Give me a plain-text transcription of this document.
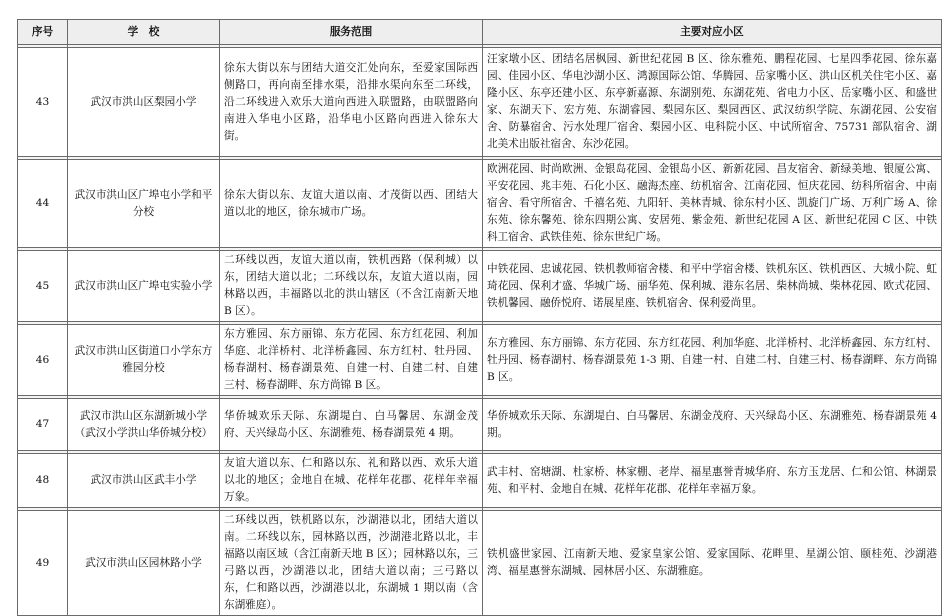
序号	学　校	服务范围	主要对应小区

43	武汉市洪山区梨园小学	徐东大街以东与团结大道交汇处向东，至爱家国际西侧路口，再向南至排水渠，沿排水渠向东至二环线，沿二环线进入欢乐大道向西进入联盟路，由联盟路向南进入华电小区路，沿华电小区路向西进入徐东大街。	汪家墩小区、团结名居枫园、新世纪花园 B 区、徐东雅苑、鹏程花园、七星四季花园、徐东嘉园、佳园小区、华电沙湖小区、鸿源国际公馆、华腾园、岳家嘴小区、洪山区机关住宅小区、嘉隆小区、东亭还建小区、东亭新嘉源、东湖别苑、东湖花苑、省电力小区、岳家嘴小区、和盛世家、东湖天下、宏方苑、东湖睿园、梨园东区、梨园西区、武汉纺织学院、东湖花园、公安宿舍、防暴宿舍、污水处理厂宿舍、梨园小区、电科院小区、中试所宿舍、75731 部队宿舍、湖北美术出版社宿舍、东沙花园。

44	武汉市洪山区广埠屯小学和平分校	徐东大街以东、友谊大道以南、才茂街以西、团结大道以北的地区，徐东城市广场。	欧洲花园、时尚欧洲、金银岛花园、金银岛小区、新新花园、昌友宿舍、新绿美地、银厦公寓、平安花园、兆丰苑、石化小区、融海杰座、纺机宿舍、江南花园、恒庆花园、纺科所宿舍、中南宿舍、看守所宿舍、千禧名苑、九阳轩、美林青城、徐东村小区、凯旋门广场、万利广场 A、徐东苑、徐东馨苑、徐东四期公寓、安居苑、紫金苑、新世纪花园 A 区、新世纪花园 C 区、中铁科工宿舍、武铁佳苑、徐东世纪广场。

45	武汉市洪山区广埠屯实验小学	二环线以西，友谊大道以南，铁机西路（保利城）以东，团结大道以北；二环线以东，友谊大道以南，园林路以西，丰福路以北的洪山辖区（不含江南新天地 B 区）。	中铁花园、忠诚花园、铁机教师宿舍楼、和平中学宿舍楼、铁机东区、铁机西区、大城小院、虹琦花园、保利才盛、华城广场、丽华苑、保利城、港东名居、柴林尚城、柴林花园、欧式花园、铁机馨园、融侨悦府、诺展星座、铁机宿舍、保利爱尚里。

46	武汉市洪山区街道口小学东方雅园分校	东方雅园、东方丽锦、东方花园、东方红花园、利加华庭、北洋桥村、北洋桥鑫园、东方红村、牡丹园、杨春湖村、杨春湖景苑、自建一村、自建二村、自建三村、杨春湖畔、东方尚锦 B 区。	东方雅园、东方丽锦、东方花园、东方红花园、利加华庭、北洋桥村、北洋桥鑫园、东方红村、牡丹园、杨春湖村、杨春湖景苑 1-3 期、自建一村、自建二村、自建三村、杨春湖畔、东方尚锦 B 区。

47	武汉市洪山区东湖新城小学（武汉小学洪山华侨城分校）	华侨城欢乐天际、东湖堤白、白马馨居、东湖金茂府、天兴绿岛小区、东湖雅苑、杨春湖景苑 4 期。	华侨城欢乐天际、东湖堤白、白马馨居、东湖金茂府、天兴绿岛小区、东湖雅苑、杨春湖景苑 4 期。

48	武汉市洪山区武丰小学	友谊大道以东、仁和路以东、礼和路以西、欢乐大道以北的地区；金地自在城、花样年花郡、花样年幸福万象。	武丰村、窑塘湖、杜家桥、林家棚、老岸、福星惠誉青城华府、东方玉龙居、仁和公馆、林湖景苑、和平村、金地自在城、花样年花郡、花样年幸福万象。

49	武汉市洪山区园林路小学	二环线以西，铁机路以东，沙湖港以北，团结大道以南。二环线以东，园林路以西，沙湖港北路以北，丰福路以南区域（含江南新天地 B 区）；园林路以东，三弓路以西，沙湖港以北，团结大道以南；三弓路以东，仁和路以西，沙湖港以北，东湖城 1 期以南（含东湖雅庭）。	铁机盛世家园、江南新天地、爱家皇家公馆、爱家国际、花畔里、星湖公馆、颐桂苑、沙湖港湾、福星惠誉东湖城、园林居小区、东湖雅庭。
